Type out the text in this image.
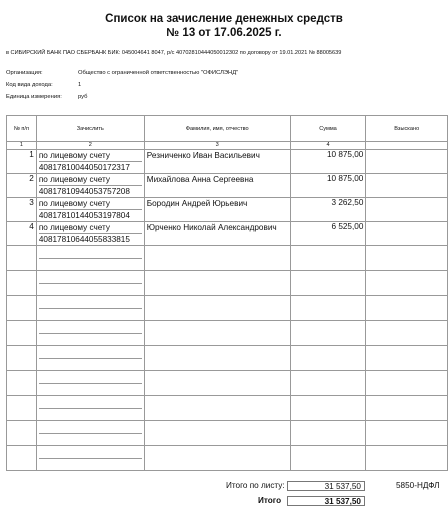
Список на зачисление денежных средств
№ 13 от 17.06.2025 г.
в СИБИРСКИЙ БАНК ПАО СБЕРБАНК БИК: 045004641 8047, р/с 40702810444050012302 по договору от 19.01.2021 № 88005639
Организация:	Общество с ограниченной ответственностью "ОФИСЛЭНД"
Код вида дохода:	1
Единица измерения:	руб
№ п/п	Зачислить	Фамилия, имя, отчество	Сумма	Взыскано
1	2	3	4	
1	по лицевому счету
40817810044050172317	Резниченко Иван Васильевич	10 875,00	
2	по лицевому счету
40817810944053757208	Михайлова Анна Сергеевна	10 875,00	
3	по лицевому счету
40817810144053197804	Бородин Андрей Юрьевич	3 262,50	
4	по лицевому счету
40817810644055833815	Юрченко Николай Александрович	6 525,00	

Итого по листу:	31 537,50	5850-НДФЛ
Итого	31 537,50
